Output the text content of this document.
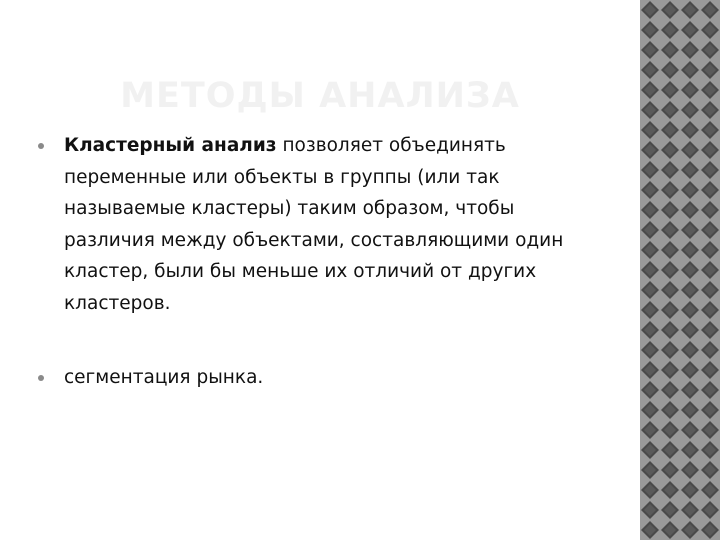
МЕТОДЫ АНАЛИЗА
Кластерный анализ позволяет объединять переменные или объекты в группы (или так называемые кластеры) таким образом, чтобы различия между объектами, составляющими один кластер, были бы меньше их отличий от других кластеров.
сегментация рынка.
